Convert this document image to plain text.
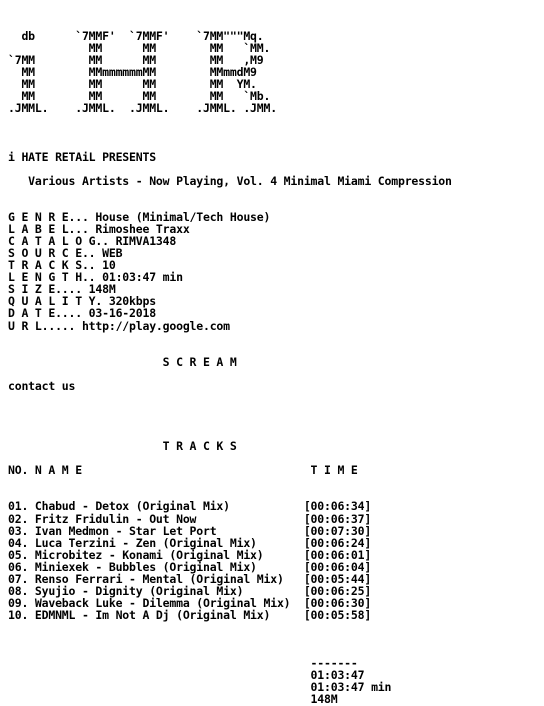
db      `7MMF'  `7MMF'    `7MM"""Mq.
MM      MM        MM   `MM.
`7MM        MM      MM        MM   ,M9
MM        MMmmmmmmMM        MMmmdM9
MM        MM      MM        MM  YM.
MM        MM      MM        MM   `Mb.
.JMML.    .JMML.  .JMML.    .JMML. .JMM.

i HATE RETAiL PRESENTS

Various Artists - Now Playing, Vol. 4 Minimal Miami Compression

G E N R E... House (Minimal/Tech House)
L A B E L... Rimoshee Traxx
C A T A L O G.. RIMVA1348
S O U R C E.. WEB
T R A C K S.. 10
L E N G T H.. 01:03:47 min
S I Z E.... 148M
Q U A L I T Y. 320kbps
D A T E.... 03-16-2018
U R L..... http://play.google.com

S C R E A M

contact us

T R A C K S

NO. N A M E                                  T I M E

01. Chabud - Detox (Original Mix)           [00:06:34]
02. Fritz Fridulin - Out Now                [00:06:37]
03. Ivan Medmon - Star Let Port             [00:07:30]
04. Luca Terzini - Zen (Original Mix)       [00:06:24]
05. Microbitez - Konami (Original Mix)      [00:06:01]
06. Miniexek - Bubbles (Original Mix)       [00:06:04]
07. Renso Ferrari - Mental (Original Mix)   [00:05:44]
08. Syujio - Dignity (Original Mix)         [00:06:25]
09. Waveback Luke - Dilemma (Original Mix)  [00:06:30]
10. EDMNML - Im Not A Dj (Original Mix)     [00:05:58]

-------
01:03:47
01:03:47 min
148M
